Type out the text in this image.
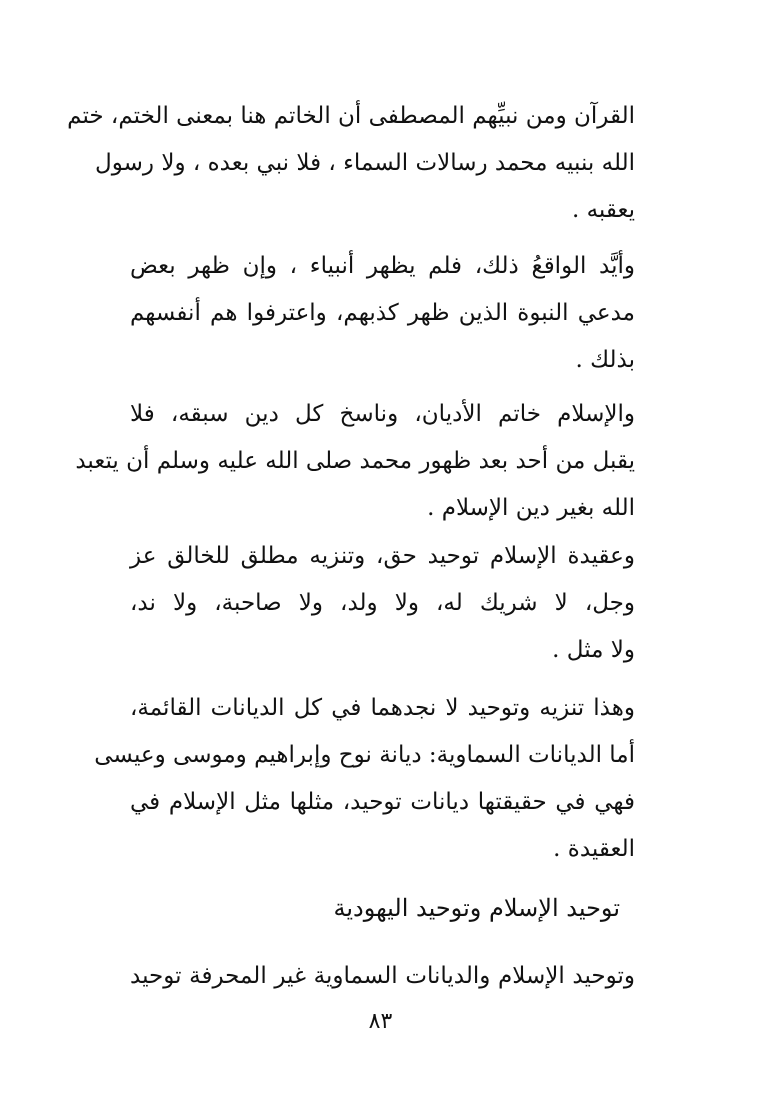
القرآن ومن نبيِّهم المصطفى أن الخاتم هنا بمعنى الختم، ختم
الله بنبيه محمد رسالات السماء ، فلا نبي بعده ، ولا رسول
يعقبه .
وأيَّد الواقعُ ذلك، فلم يظهر أنبياء ، وإن ظهر بعض
مدعي النبوة الذين ظهر كذبهم، واعترفوا هم أنفسهم
بذلك .
والإسلام خاتم الأديان، وناسخ كل دين سبقه، فلا
يقبل من أحد بعد ظهور محمد صلى الله عليه وسلم أن يتعبد
الله بغير دين الإسلام .
وعقيدة الإسلام توحيد حق، وتنزيه مطلق للخالق عز
وجل، لا شريك له، ولا ولد، ولا صاحبة، ولا ند،
ولا مثل .
وهذا تنزيه وتوحيد لا نجدهما في كل الديانات القائمة،
أما الديانات السماوية: ديانة نوح وإبراهيم وموسى وعيسى
فهي في حقيقتها ديانات توحيد، مثلها مثل الإسلام في
العقيدة .
توحيد الإسلام وتوحيد اليهودية
وتوحيد الإسلام والديانات السماوية غير المحرفة توحيد
٨٣
